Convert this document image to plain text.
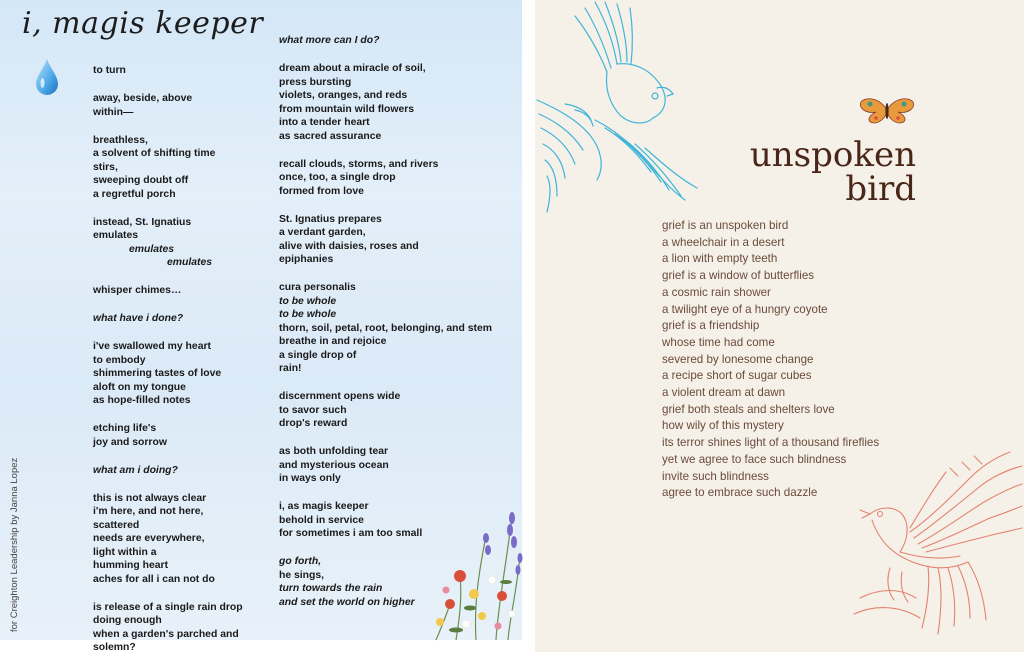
i, magis keeper

to turn

away, beside, above

within—

breathless,

a solvent of shifting time

stirs,

sweeping doubt off

a regretful porch

instead, St. Ignatius

emulates

emulates

emulates

whisper chimes…

what have i done?

i've swallowed my heart

to embody

shimmering tastes of love

aloft on my tongue

as hope-filled notes

etching life's

joy and sorrow

what am i doing?

this is not always clear

i'm here, and not here,

scattered

needs are everywhere,

light within a

humming heart

aches for all i can not do

is release of a single rain drop

doing enough

when a garden's parched and

solemn?

what more can I do?

dream about a miracle of soil,

press bursting

violets, oranges, and reds

from mountain wild flowers

into a tender heart

as sacred assurance

recall clouds, storms, and rivers

once, too, a single drop

formed from love

St. Ignatius prepares

a verdant garden,

alive with daisies, roses and

epiphanies

cura personalis

to be whole

to be whole

thorn, soil, petal, root, belonging, and stem

breathe in and rejoice

a single drop of

rain!

discernment opens wide

to savor such

drop's reward

as both unfolding tear

and mysterious ocean

in ways only

i, as magis keeper

behold in service

for sometimes i am too small

go forth,

he sings,

turn towards the rain

and set the world on higher

for Creighton Leadership by Janna Lopez
unspoken
bird

grief is an unspoken bird

a wheelchair in a desert

a lion with empty teeth

grief is a window of butterflies

a cosmic rain shower

a twilight eye of a hungry coyote

grief is a friendship

whose time had come

severed by lonesome change

a recipe short of sugar cubes

a violent dream at dawn

grief both steals and shelters love

how wily of this mystery

its terror shines light of a thousand fireflies

yet we agree to face such blindness

invite such blindness

agree to embrace such dazzle
